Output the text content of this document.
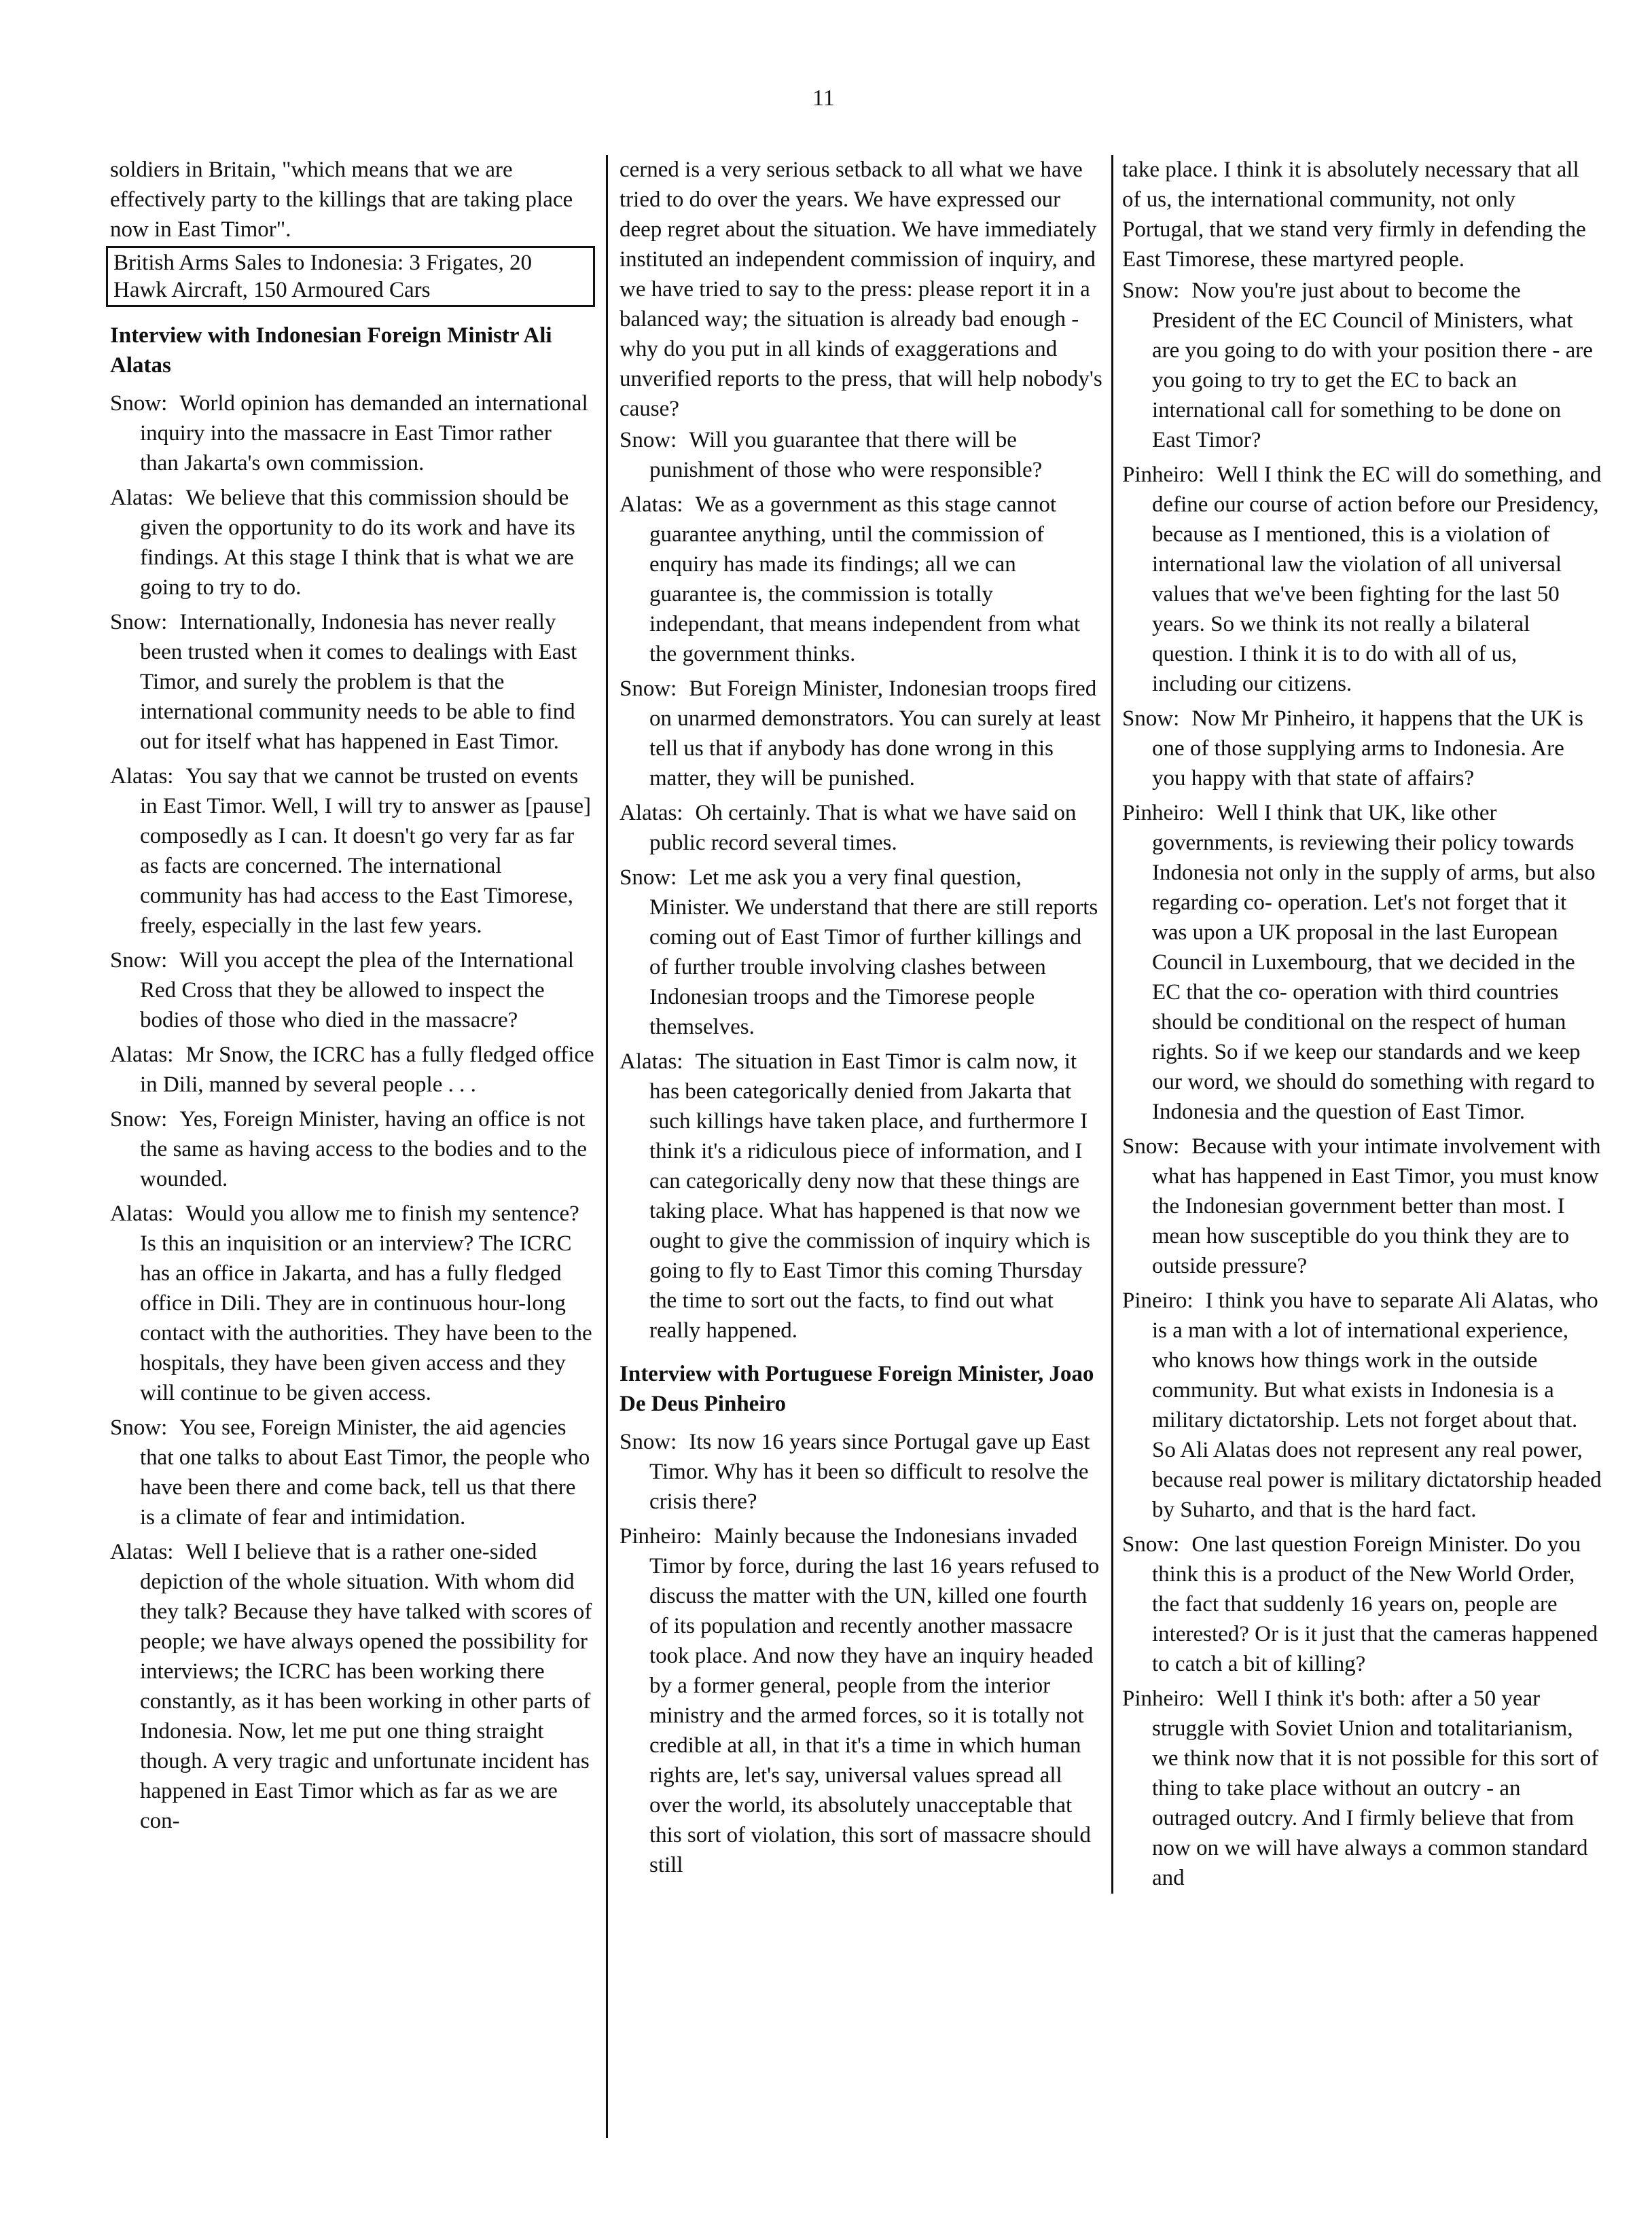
11

soldiers in Britain, "which means that we are effectively party to the killings that are taking place now in East Timor".

British Arms Sales to Indonesia: 3 Frigates, 20 Hawk Aircraft, 150 Armoured Cars

Interview with Indonesian Foreign Ministr Ali Alatas

Snow: World opinion has demanded an international inquiry into the massacre in East Timor rather than Jakarta's own commission.

Alatas: We believe that this commission should be given the opportunity to do its work and have its findings. At this stage I think that is what we are going to try to do.

Snow: Internationally, Indonesia has never really been trusted when it comes to dealings with East Timor, and surely the problem is that the international community needs to be able to find out for itself what has happened in East Timor.

Alatas: You say that we cannot be trusted on events in East Timor. Well, I will try to answer as [pause] composedly as I can. It doesn't go very far as far as facts are concerned. The international community has had access to the East Timorese, freely, especially in the last few years.

Snow: Will you accept the plea of the International Red Cross that they be allowed to inspect the bodies of those who died in the massacre?

Alatas: Mr Snow, the ICRC has a fully fledged office in Dili, manned by several people . . .

Snow: Yes, Foreign Minister, having an office is not the same as having access to the bodies and to the wounded.

Alatas: Would you allow me to finish my sentence? Is this an inquisition or an interview? The ICRC has an office in Jakarta, and has a fully fledged office in Dili. They are in continuous hour-long contact with the authorities. They have been to the hospitals, they have been given access and they will continue to be given access.

Snow: You see, Foreign Minister, the aid agencies that one talks to about East Timor, the people who have been there and come back, tell us that there is a climate of fear and intimidation.

Alatas: Well I believe that is a rather one-sided depiction of the whole situation. With whom did they talk? Because they have talked with scores of people; we have always opened the possibility for interviews; the ICRC has been working there constantly, as it has been working in other parts of Indonesia. Now, let me put one thing straight though. A very tragic and unfortunate incident has happened in East Timor which as far as we are con-

cerned is a very serious setback to all what we have tried to do over the years. We have expressed our deep regret about the situation. We have immediately instituted an independent commission of inquiry, and we have tried to say to the press: please report it in a balanced way; the situation is already bad enough - why do you put in all kinds of exaggerations and unverified reports to the press, that will help nobody's cause?

Snow: Will you guarantee that there will be punishment of those who were responsible?

Alatas: We as a government as this stage cannot guarantee anything, until the commission of enquiry has made its findings; all we can guarantee is, the commission is totally independant, that means independent from what the government thinks.

Snow: But Foreign Minister, Indonesian troops fired on unarmed demonstrators. You can surely at least tell us that if anybody has done wrong in this matter, they will be punished.

Alatas: Oh certainly. That is what we have said on public record several times.

Snow: Let me ask you a very final question, Minister. We understand that there are still reports coming out of East Timor of further killings and of further trouble involving clashes between Indonesian troops and the Timorese people themselves.

Alatas: The situation in East Timor is calm now, it has been categorically denied from Jakarta that such killings have taken place, and furthermore I think it's a ridiculous piece of information, and I can categorically deny now that these things are taking place. What has happened is that now we ought to give the commission of inquiry which is going to fly to East Timor this coming Thursday the time to sort out the facts, to find out what really happened.

Interview with Portuguese Foreign Minister, Joao De Deus Pinheiro

Snow: Its now 16 years since Portugal gave up East Timor. Why has it been so difficult to resolve the crisis there?

Pinheiro: Mainly because the Indonesians invaded Timor by force, during the last 16 years refused to discuss the matter with the UN, killed one fourth of its population and recently another massacre took place. And now they have an inquiry headed by a former general, people from the interior ministry and the armed forces, so it is totally not credible at all, in that it's a time in which human rights are, let's say, universal values spread all over the world, its absolutely unacceptable that this sort of violation, this sort of massacre should still

take place. I think it is absolutely necessary that all of us, the international community, not only Portugal, that we stand very firmly in defending the East Timorese, these martyred people.

Snow: Now you're just about to become the President of the EC Council of Ministers, what are you going to do with your position there - are you going to try to get the EC to back an international call for something to be done on East Timor?

Pinheiro: Well I think the EC will do something, and define our course of action before our Presidency, because as I mentioned, this is a violation of international law the violation of all universal values that we've been fighting for the last 50 years. So we think its not really a bilateral question. I think it is to do with all of us, including our citizens.

Snow: Now Mr Pinheiro, it happens that the UK is one of those supplying arms to Indonesia. Are you happy with that state of affairs?

Pinheiro: Well I think that UK, like other governments, is reviewing their policy towards Indonesia not only in the supply of arms, but also regarding co- operation. Let's not forget that it was upon a UK proposal in the last European Council in Luxembourg, that we decided in the EC that the co- operation with third countries should be conditional on the respect of human rights. So if we keep our standards and we keep our word, we should do something with regard to Indonesia and the question of East Timor.

Snow: Because with your intimate involvement with what has happened in East Timor, you must know the Indonesian government better than most. I mean how susceptible do you think they are to outside pressure?

Pineiro: I think you have to separate Ali Alatas, who is a man with a lot of international experience, who knows how things work in the outside community. But what exists in Indonesia is a military dictatorship. Lets not forget about that. So Ali Alatas does not represent any real power, because real power is military dictatorship headed by Suharto, and that is the hard fact.

Snow: One last question Foreign Minister. Do you think this is a product of the New World Order, the fact that suddenly 16 years on, people are interested? Or is it just that the cameras happened to catch a bit of killing?

Pinheiro: Well I think it's both: after a 50 year struggle with Soviet Union and totalitarianism, we think now that it is not possible for this sort of thing to take place without an outcry - an outraged outcry. And I firmly believe that from now on we will have always a common standard and
